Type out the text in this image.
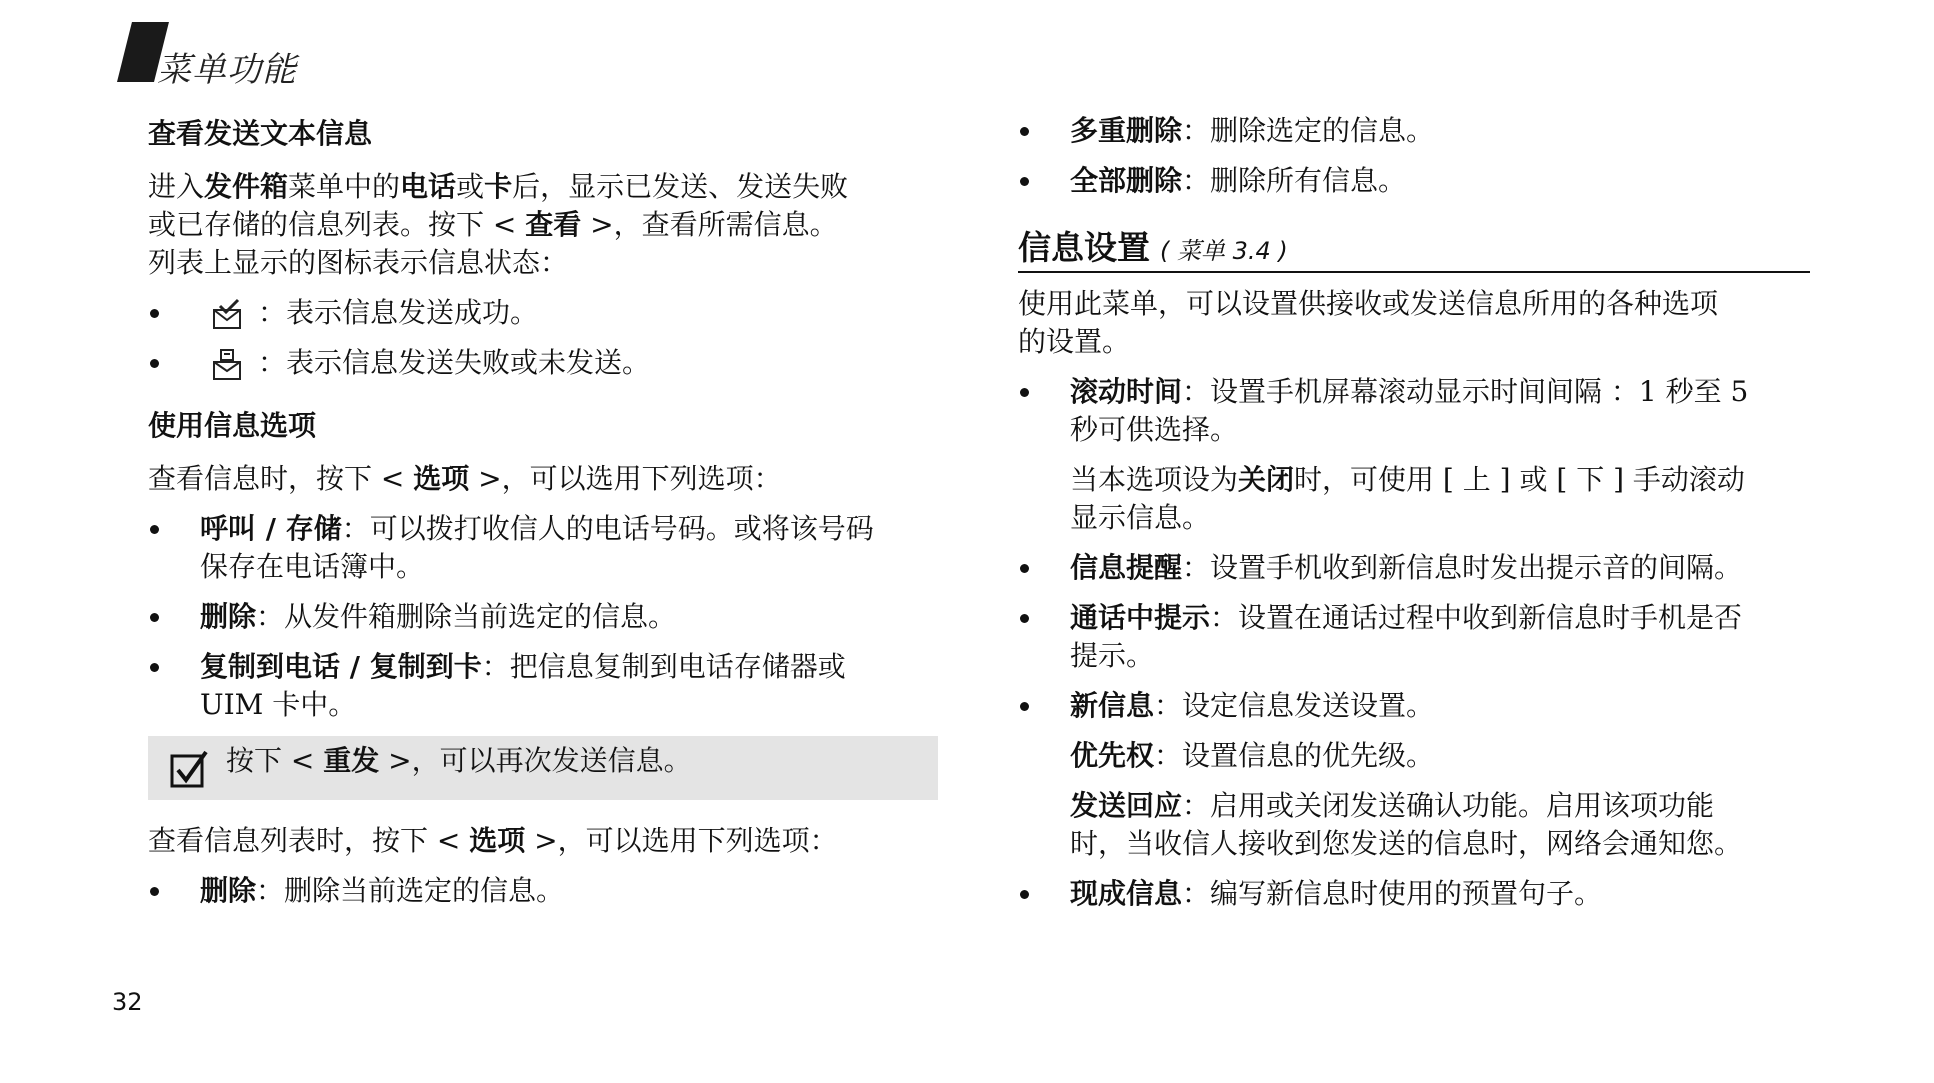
菜单功能
查看发送文本信息

进入发件箱菜单中的电话或卡后，显示已发送、发送失败

或已存储的信息列表。按下 < 查看 >，查看所需信息。

列表上显示的图标表示信息状态：

：表示信息发送成功。
：表示信息发送失败或未发送。
使用信息选项

查看信息时，按下 < 选项 >，可以选用下列选项：

呼叫 / 存储：可以拨打收信人的电话号码。或将该号码
保存在电话簿中。
删除：从发件箱删除当前选定的信息。
复制到电话 / 复制到卡：把信息复制到电话存储器或
UIM 卡中。
按下 < 重发 >，可以再次发送信息。

查看信息列表时，按下 < 选项 >，可以选用下列选项：

删除：删除当前选定的信息。
多重删除：删除选定的信息。
全部删除：删除所有信息。
信息设置 ( 菜单 3.4 )

使用此菜单，可以设置供接收或发送信息所用的各种选项

的设置。

滚动时间：设置手机屏幕滚动显示时间间隔 ：1 秒至 5
秒可供选择。

当本选项设为关闭时，可使用 [ 上 ] 或 [ 下 ] 手动滚动

显示信息。

信息提醒：设置手机收到新信息时发出提示音的间隔。
通话中提示：设置在通话过程中收到新信息时手机是否
提示。
新信息：设定信息发送设置。

优先权：设置信息的优先级。

发送回应：启用或关闭发送确认功能。启用该项功能
时，当收信人接收到您发送的信息时，网络会通知您。

现成信息：编写新信息时使用的预置句子。
32
